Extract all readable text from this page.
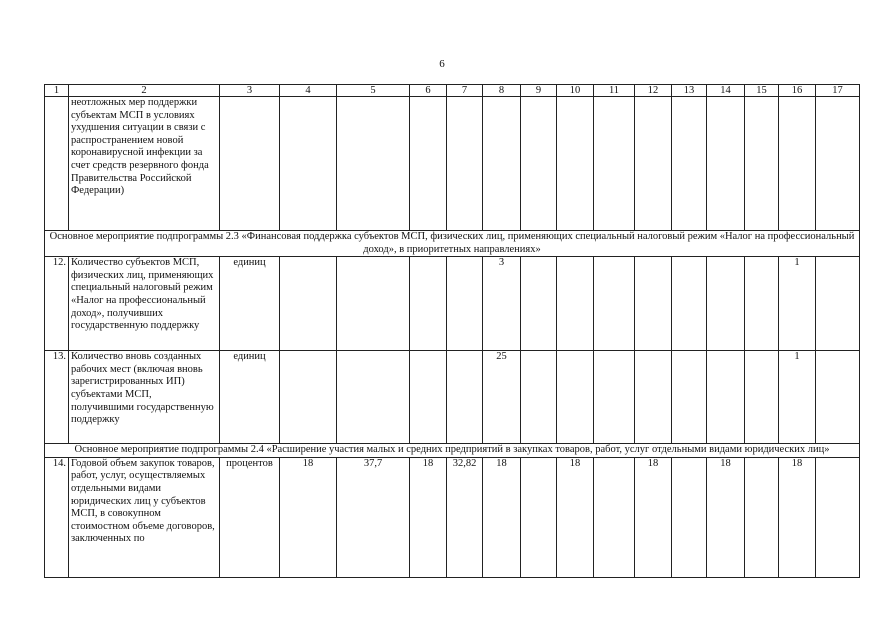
6
1	2	3	4	5	6	7	8	9	10	11	12	13	14	15	16	17
	неотложных мер поддержки субъектам МСП в условиях ухудшения ситуации в связи с распространением новой коронавирусной инфекции за счет средств резервного фонда Правительства Российской Федерации)															
Основное мероприятие подпрограммы 2.3 «Финансовая поддержка субъектов МСП, физических лиц, применяющих специальный налоговый режим «Налог на профессиональный доход», в приоритетных направлениях»																
12.	Количество субъектов МСП, физических лиц, применяющих специальный налоговый режим «Налог на профессиональный доход», получивших государственную поддержку	единиц					3								1	
13.	Количество вновь созданных рабочих мест (включая вновь зарегистрированных ИП) субъектами МСП, получившими государственную поддержку	единиц					25								1	
Основное мероприятие подпрограммы 2.4 «Расширение участия малых и средних предприятий в закупках товаров, работ, услуг отдельными видами юридических лиц»																
14.	Годовой объем закупок товаров, работ, услуг, осуществляемых отдельными видами юридических лиц у субъектов МСП, в совокупном стоимостном объеме договоров, заключенных по	процентов	18	37,7	18	32,82	18		18		18		18		18	
